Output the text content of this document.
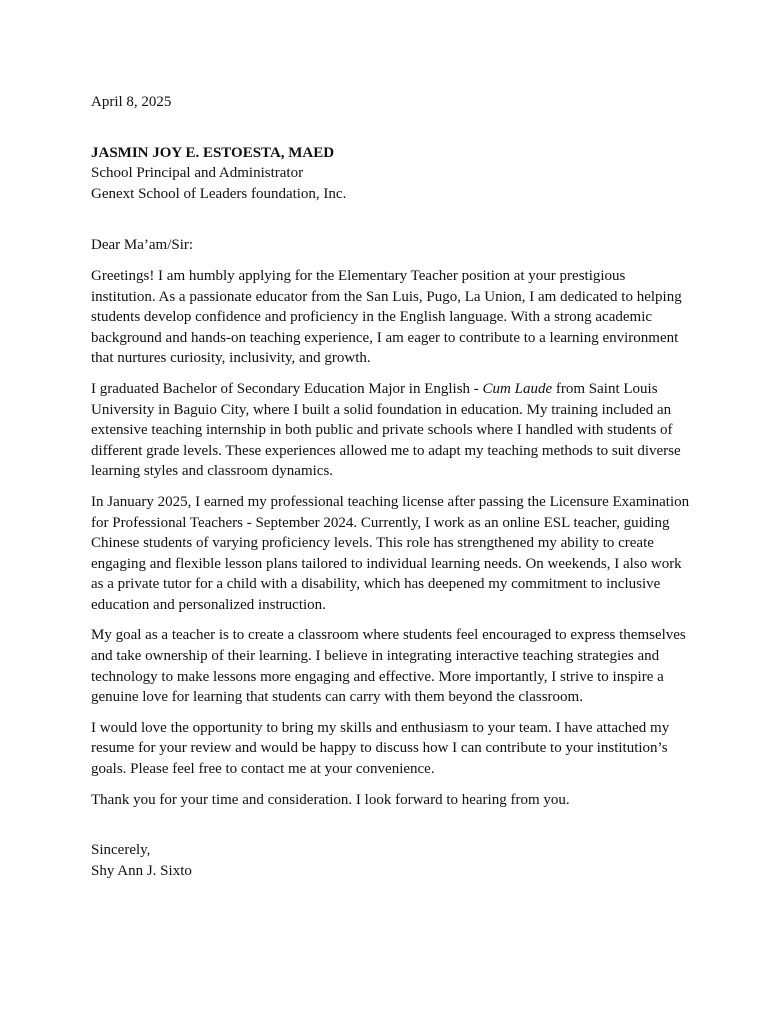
April 8, 2025

JASMIN JOY E. ESTOESTA, MAED

School Principal and Administrator

Genext School of Leaders foundation, Inc.

Dear Ma’am/Sir:

Greetings! I am humbly applying for the Elementary Teacher position at your prestigious institution. As a passionate educator from the San Luis, Pugo, La Union, I am dedicated to helping students develop confidence and proficiency in the English language. With a strong academic background and hands-on teaching experience, I am eager to contribute to a learning environment that nurtures curiosity, inclusivity, and growth.

I graduated Bachelor of Secondary Education Major in English - Cum Laude from Saint Louis University in Baguio City, where I built a solid foundation in education. My training included an extensive teaching internship in both public and private schools where I handled with students of different grade levels. These experiences allowed me to adapt my teaching methods to suit diverse learning styles and classroom dynamics.

In January 2025, I earned my professional teaching license after passing the Licensure Examination for Professional Teachers - September 2024. Currently, I work as an online ESL teacher, guiding Chinese students of varying proficiency levels. This role has strengthened my ability to create engaging and flexible lesson plans tailored to individual learning needs. On weekends, I also work as a private tutor for a child with a disability, which has deepened my commitment to inclusive education and personalized instruction.

My goal as a teacher is to create a classroom where students feel encouraged to express themselves and take ownership of their learning. I believe in integrating interactive teaching strategies and technology to make lessons more engaging and effective. More importantly, I strive to inspire a genuine love for learning that students can carry with them beyond the classroom.

I would love the opportunity to bring my skills and enthusiasm to your team. I have attached my resume for your review and would be happy to discuss how I can contribute to your institution’s goals. Please feel free to contact me at your convenience.

Thank you for your time and consideration. I look forward to hearing from you.

Sincerely,

Shy Ann J. Sixto
